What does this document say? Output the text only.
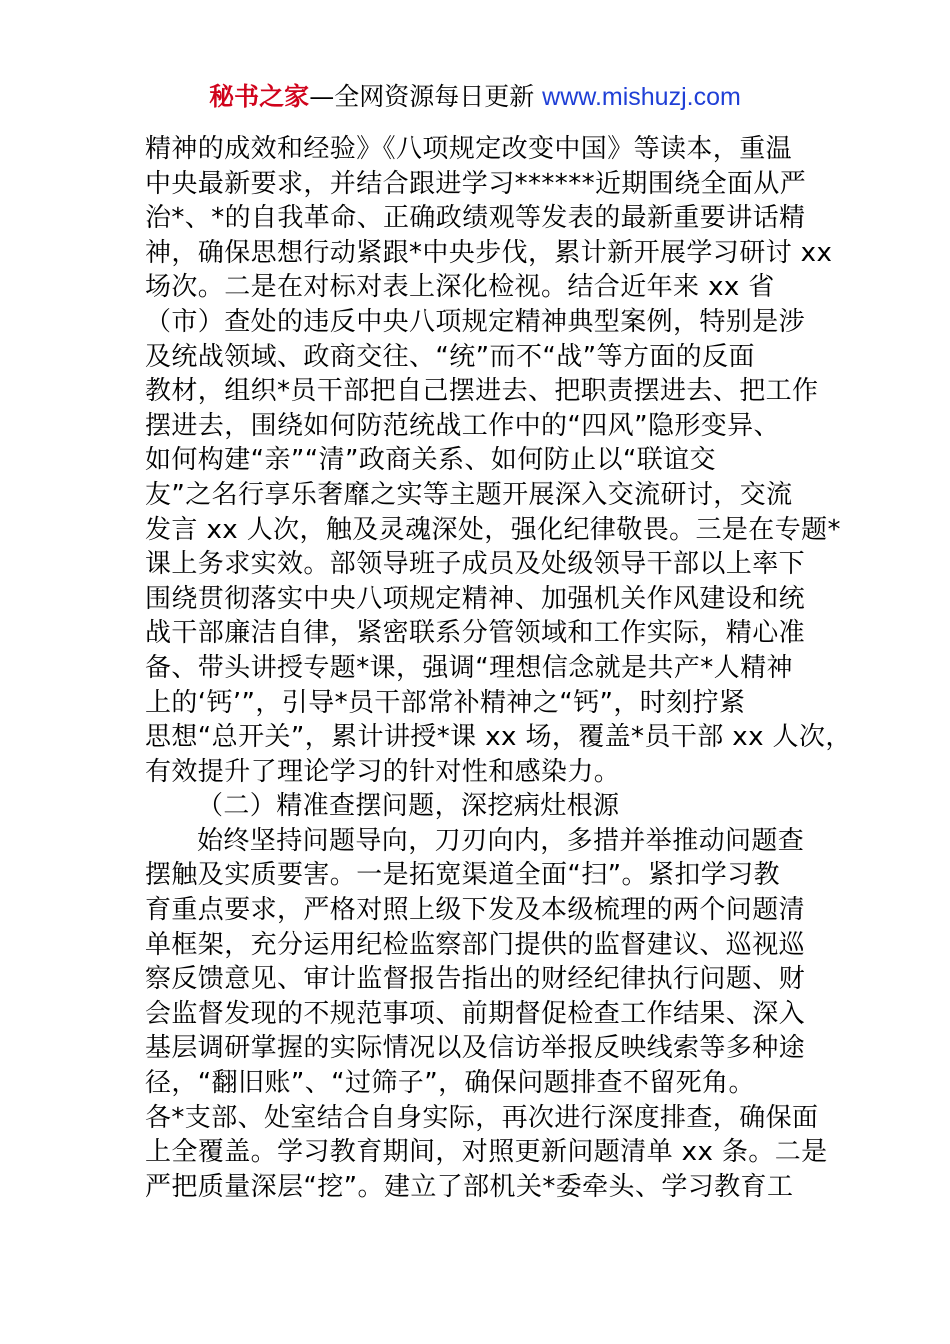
秘书之家—全网资源每日更新 www.mishuzj.com
精神的成效和经验》《八项规定改变中国》等读本，重温
中央最新要求，并结合跟进学习******近期围绕全面从严
治*、*的自我革命、正确政绩观等发表的最新重要讲话精
神，确保思想行动紧跟*中央步伐，累计新开展学习研讨 xx
场次。二是在对标对表上深化检视。结合近年来 xx 省
（市）查处的违反中央八项规定精神典型案例，特别是涉
及统战领域、政商交往、“统”而不“战”等方面的反面
教材，组织*员干部把自己摆进去、把职责摆进去、把工作
摆进去，围绕如何防范统战工作中的“四风”隐形变异、
如何构建“亲”“清”政商关系、如何防止以“联谊交
友”之名行享乐奢靡之实等主题开展深入交流研讨，交流
发言 xx 人次，触及灵魂深处，强化纪律敬畏。三是在专题*
课上务求实效。部领导班子成员及处级领导干部以上率下
围绕贯彻落实中央八项规定精神、加强机关作风建设和统
战干部廉洁自律，紧密联系分管领域和工作实际，精心准
备、带头讲授专题*课，强调“理想信念就是共产*人精神
上的‘钙’”，引导*员干部常补精神之“钙”，时刻拧紧
思想“总开关”，累计讲授*课 xx 场，覆盖*员干部 xx 人次，
有效提升了理论学习的针对性和感染力。
（二）精准查摆问题，深挖病灶根源
始终坚持问题导向，刀刃向内，多措并举推动问题查
摆触及实质要害。一是拓宽渠道全面“扫”。紧扣学习教
育重点要求，严格对照上级下发及本级梳理的两个问题清
单框架，充分运用纪检监察部门提供的监督建议、巡视巡
察反馈意见、审计监督报告指出的财经纪律执行问题、财
会监督发现的不规范事项、前期督促检查工作结果、深入
基层调研掌握的实际情况以及信访举报反映线索等多种途
径，“翻旧账”、“过筛子”，确保问题排查不留死角。
各*支部、处室结合自身实际，再次进行深度排查，确保面
上全覆盖。学习教育期间，对照更新问题清单 xx 条。二是
严把质量深层“挖”。建立了部机关*委牵头、学习教育工
